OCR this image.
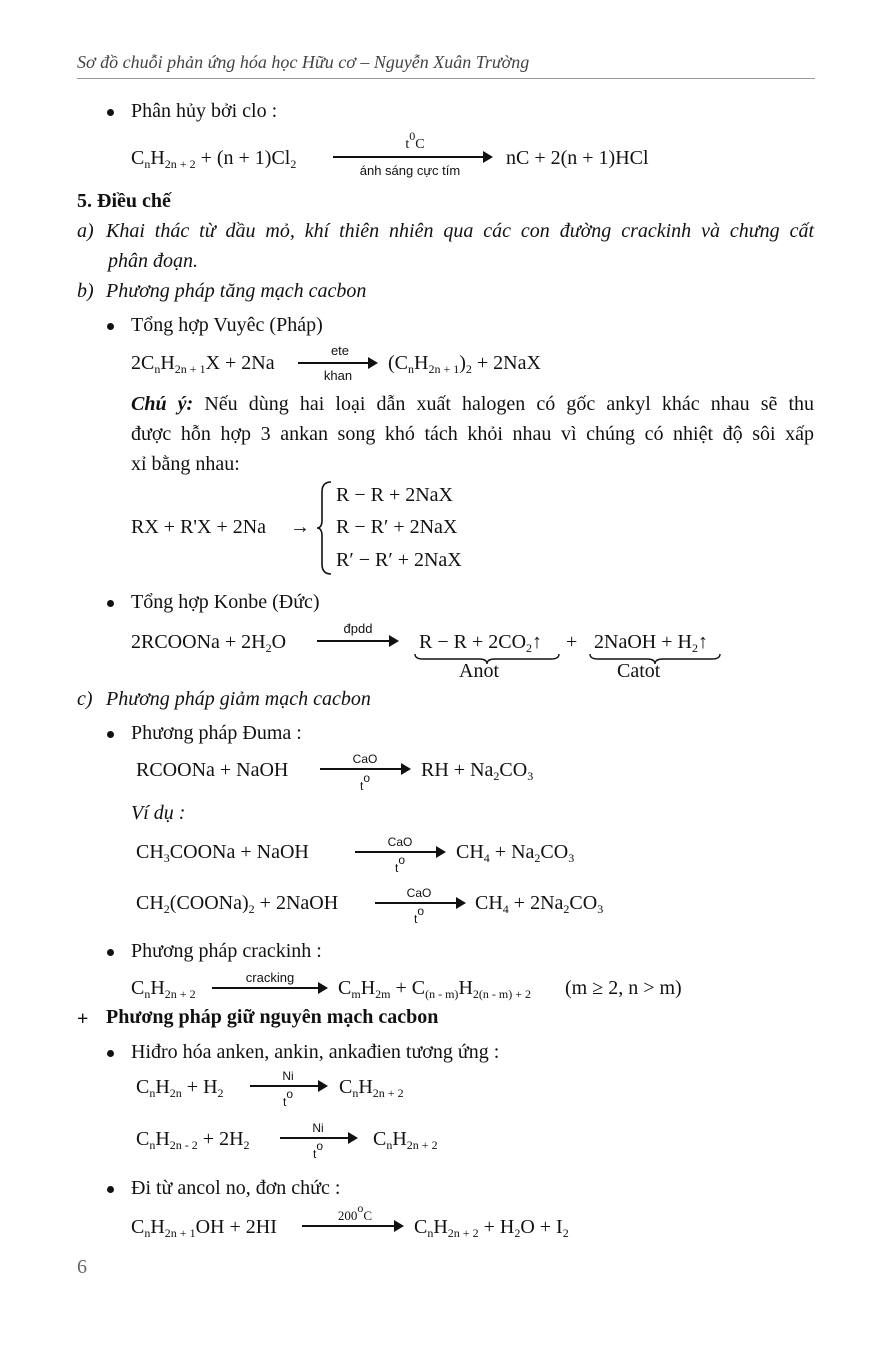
Sơ đồ chuỗi phản ứng hóa học Hữu cơ – Nguyễn Xuân Trường
Phân hủy bởi clo :
$C_nH_{2n + 2} + (n + 1)Cl_2$
$t^0C$
ánh sáng cực tím
nC + 2(n + 1)HCl
5. Điều chế
a) Khai thác từ dầu mỏ, khí thiên nhiên qua các con đường crackinh và chưng cất
phân đoạn.
b) Phương pháp tăng mạch cacbon
Tổng hợp Vuyêc (Pháp)
$2C_nH_{2n + 1}X + 2Na$
ete
khan
$(C_nH_{2n + 1})_2 + 2NaX$
Chú ý: Nếu dùng hai loại dẫn xuất halogen có gốc ankyl khác nhau sẽ thu
được hỗn hợp 3 ankan song khó tách khỏi nhau vì chúng có nhiệt độ sôi xấp
xỉ bằng nhau:
RX + R'X + 2Na →
R − R + 2NaX
R − R′ + 2NaX
R′ − R′ + 2NaX
Tổng hợp Konbe (Đức)
2RCOONa + $2H_2O$
đpdd
$R - R + 2CO_2↑$ + 2NaOH + $H_2↑$
Anot	Catot
c) Phương pháp giảm mạch cacbon
Phương pháp Đuma :
RCOONa + NaOH	CaO
$t^o$	RH + $Na_2CO_3$
Ví dụ :
$CH_3COONa$ + NaOH	CaO
$t^o$	$CH_4 + Na_2CO_3$
$CH_2(COONa)_2$ + 2NaOH	CaO
$t^o$	$CH_4 + 2Na_2CO_3$
Phương pháp crackinh :
$C_nH_{2n + 2}$
cracking	$C_mH_{2m} + C_{(n - m)}H_{2(n - m) + 2}$ (m ≥ 2, n > m)
+ Phương pháp giữ nguyên mạch cacbon
Hiđro hóa anken, ankin, ankađien tương ứng :
$C_nH_{2n} + H_2$
Ni
$t^o$	$C_nH_{2n + 2}$
$C_nH_{2n - 2} + 2H_2$
Ni
$t^o$	$C_nH_{2n + 2}$
Đi từ ancol no, đơn chức :
$C_nH_{2n + 1}OH + 2HI$
200$^o$C
$C_nH_{2n + 2} + H_2O + I_2$
6
